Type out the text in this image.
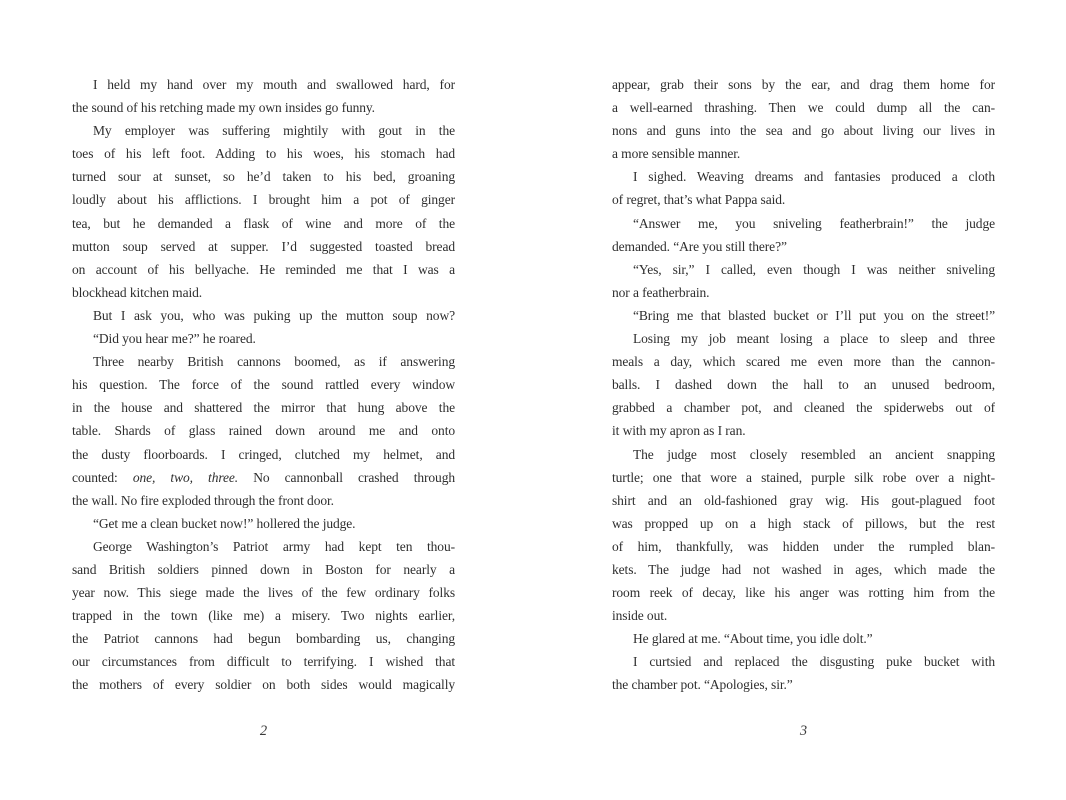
I held my hand over my mouth and swallowed hard, for
the sound of his retching made my own insides go funny.
My employer was suffering mightily with gout in the
toes of his left foot. Adding to his woes, his stomach had
turned sour at sunset, so he’d taken to his bed, groaning
loudly about his afflictions. I brought him a pot of ginger
tea, but he demanded a flask of wine and more of the
mutton soup served at supper. I’d suggested toasted bread
on account of his bellyache. He reminded me that I was a
blockhead kitchen maid.
But I ask you, who was puking up the mutton soup now?
“Did you hear me?” he roared.
Three nearby British cannons boomed, as if answering
his question. The force of the sound rattled every window
in the house and shattered the mirror that hung above the
table. Shards of glass rained down around me and onto
the dusty floorboards. I cringed, clutched my helmet, and
counted: one, two, three. No cannonball crashed through
the wall. No fire exploded through the front door.
“Get me a clean bucket now!” hollered the judge.
George Washington’s Patriot army had kept ten thou-
sand British soldiers pinned down in Boston for nearly a
year now. This siege made the lives of the few ordinary folks
trapped in the town (like me) a misery. Two nights earlier,
the Patriot cannons had begun bombarding us, changing
our circumstances from difficult to terrifying. I wished that
the mothers of every soldier on both sides would magically
2
appear, grab their sons by the ear, and drag them home for
a well-earned thrashing. Then we could dump all the can-
nons and guns into the sea and go about living our lives in
a more sensible manner.
I sighed. Weaving dreams and fantasies produced a cloth
of regret, that’s what Pappa said.
“Answer me, you sniveling featherbrain!” the judge
demanded. “Are you still there?”
“Yes, sir,” I called, even though I was neither sniveling
nor a featherbrain.
“Bring me that blasted bucket or I’ll put you on the street!”
Losing my job meant losing a place to sleep and three
meals a day, which scared me even more than the cannon-
balls. I dashed down the hall to an unused bedroom,
grabbed a chamber pot, and cleaned the spiderwebs out of
it with my apron as I ran.
The judge most closely resembled an ancient snapping
turtle; one that wore a stained, purple silk robe over a night-
shirt and an old-fashioned gray wig. His gout-plagued foot
was propped up on a high stack of pillows, but the rest
of him, thankfully, was hidden under the rumpled blan-
kets. The judge had not washed in ages, which made the
room reek of decay, like his anger was rotting him from the
inside out.
He glared at me. “About time, you idle dolt.”
I curtsied and replaced the disgusting puke bucket with
the chamber pot. “Apologies, sir.”
3
